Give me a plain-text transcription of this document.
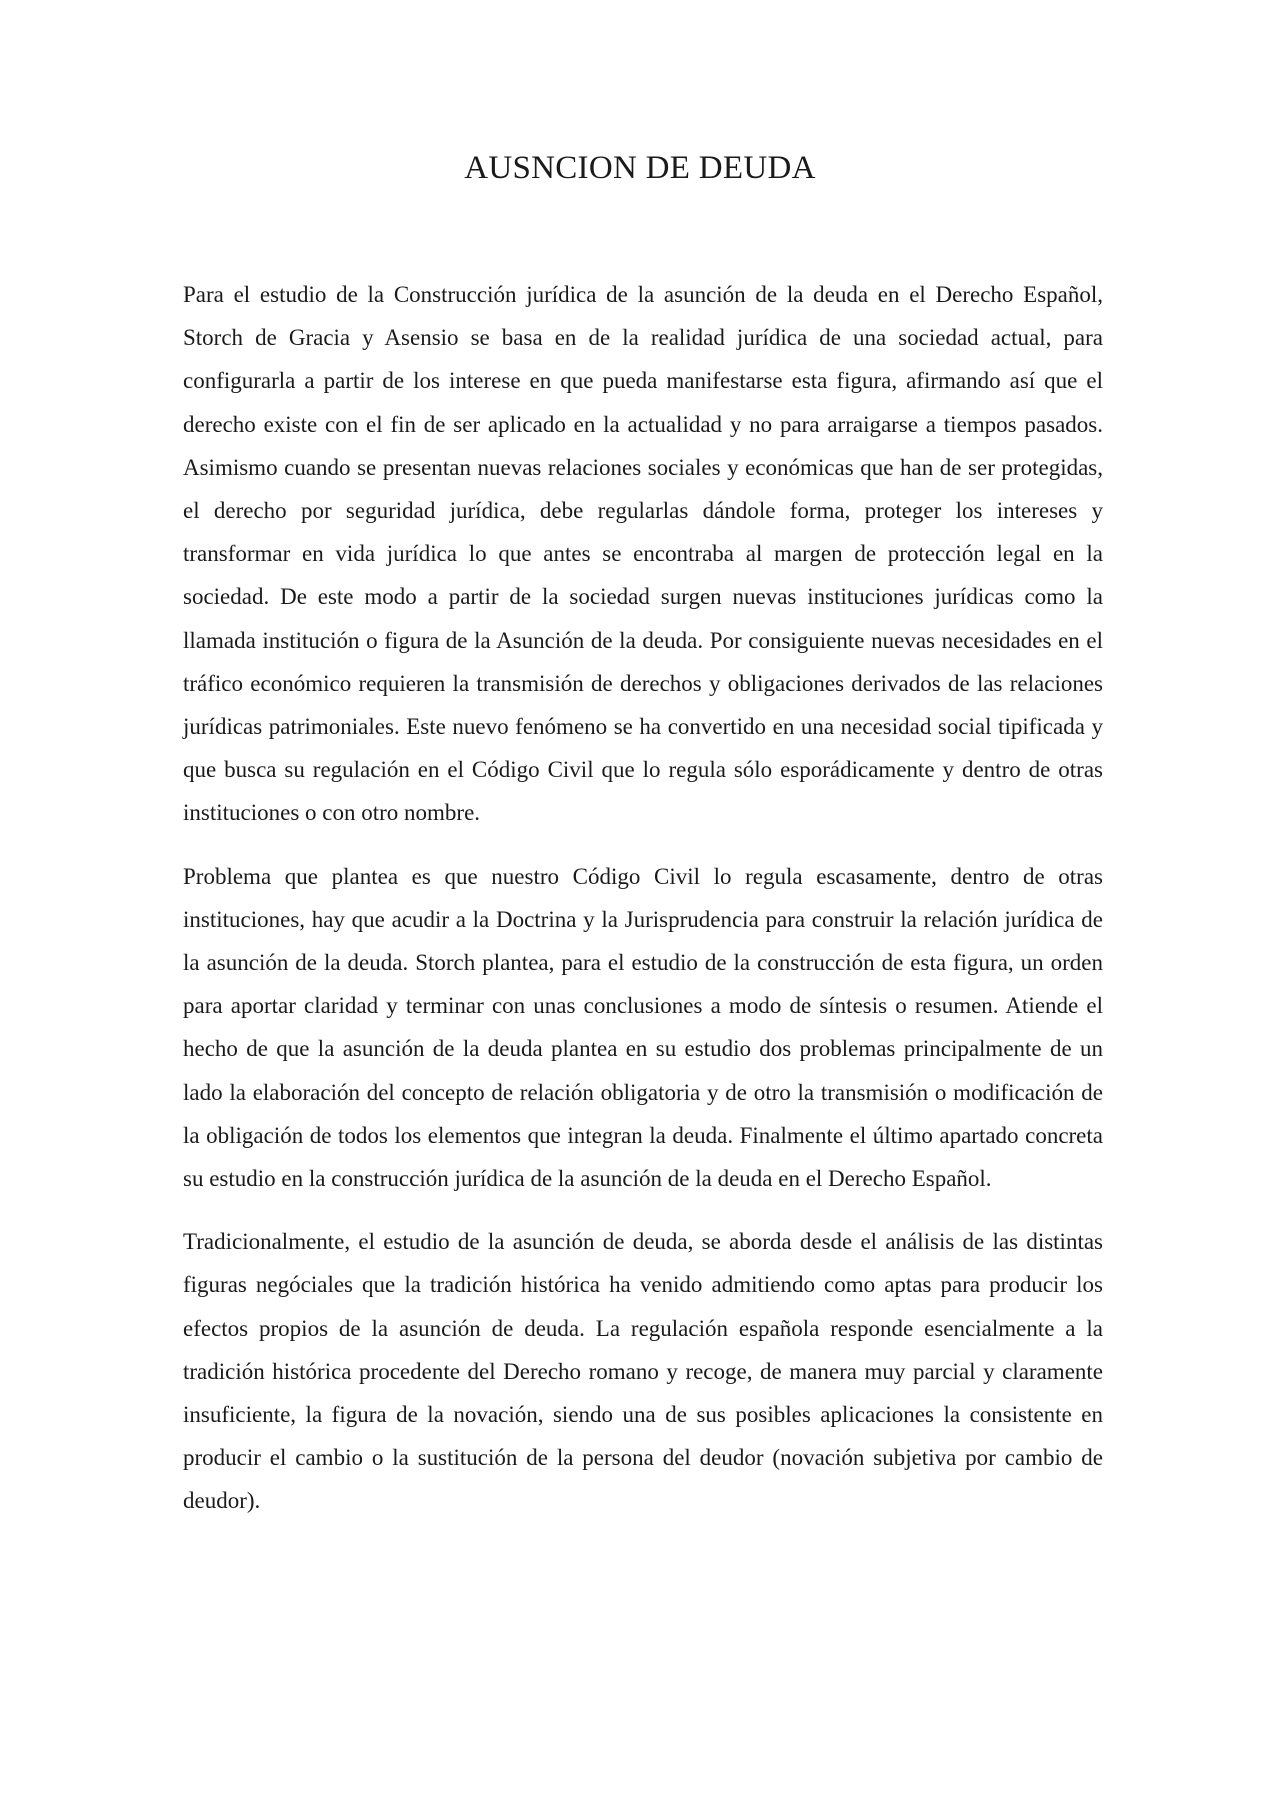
AUSNCION DE DEUDA

Para el estudio de la Construcción jurídica de la asunción de la deuda en el Derecho Español, Storch de Gracia y Asensio se basa en de la realidad jurídica de una sociedad actual, para configurarla a partir de los interese en que pueda manifestarse esta figura, afirmando así que el derecho existe con el fin de ser aplicado en la actualidad y no para arraigarse a tiempos pasados. Asimismo cuando se presentan nuevas relaciones sociales y económicas que han de ser protegidas, el derecho por seguridad jurídica, debe regularlas dándole forma, proteger los intereses y transformar en vida jurídica lo que antes se encontraba al margen de protección legal en la sociedad. De este modo a partir de la sociedad surgen nuevas instituciones jurídicas como la llamada institución o figura de la Asunción de la deuda. Por consiguiente nuevas necesidades en el tráfico económico requieren la transmisión de derechos y obligaciones derivados de las relaciones jurídicas patrimoniales. Este nuevo fenómeno se ha convertido en una necesidad social tipificada y que busca su regulación en el Código Civil que lo regula sólo esporádicamente y dentro de otras instituciones o con otro nombre.

Problema que plantea es que nuestro Código Civil lo regula escasamente, dentro de otras instituciones, hay que acudir a la Doctrina y la Jurisprudencia para construir la relación jurídica de la asunción de la deuda. Storch plantea, para el estudio de la construcción de esta figura, un orden para aportar claridad y terminar con unas conclusiones a modo de síntesis o resumen. Atiende el hecho de que la asunción de la deuda plantea en su estudio dos problemas principalmente de un lado la elaboración del concepto de relación obligatoria y de otro la transmisión o modificación de la obligación de todos los elementos que integran la deuda. Finalmente el último apartado concreta su estudio en la construcción jurídica de la asunción de la deuda en el Derecho Español.

Tradicionalmente, el estudio de la asunción de deuda, se aborda desde el análisis de las distintas figuras negóciales que la tradición histórica ha venido admitiendo como aptas para producir los efectos propios de la asunción de deuda. La regulación española responde esencialmente a la tradición histórica procedente del Derecho romano y recoge, de manera muy parcial y claramente insuficiente, la figura de la novación, siendo una de sus posibles aplicaciones la consistente en producir el cambio o la sustitución de la persona del deudor (novación subjetiva por cambio de deudor).
